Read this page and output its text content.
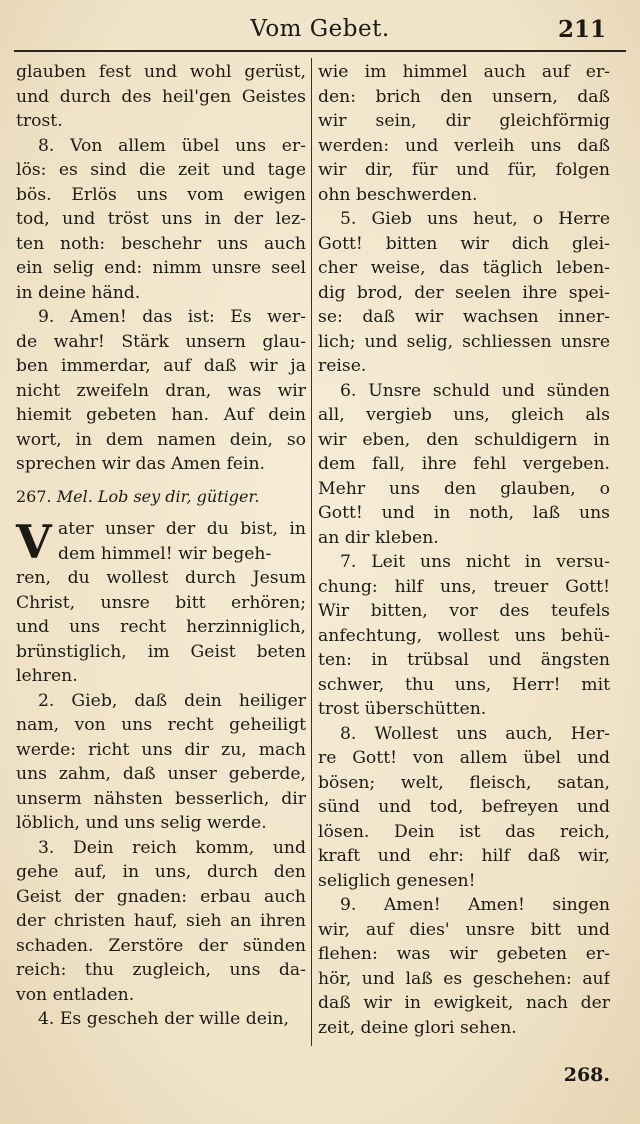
Vom Gebet.	211
glauben fest und wohl gerüst,
und durch des heil'gen Geistes
trost.
8. Von allem übel uns er-
lös: es sind die zeit und tage
bös. Erlös uns vom ewigen
tod, und tröst uns in der lez-
ten noth: beschehr uns auch
ein selig end: nimm unsre seel
in deine händ.
9. Amen! das ist: Es wer-
de wahr! Stärk unsern glau-
ben immerdar, auf daß wir ja
nicht zweifeln dran, was wir
hiemit gebeten han. Auf dein
wort, in dem namen dein, so
sprechen wir das Amen fein.
267. Mel. Lob sey dir, gütiger.
V ater unser der du bist, in
dem himmel! wir begeh-
ren, du wollest durch Jesum
Christ, unsre bitt erhören;
und uns recht herzinniglich,
brünstiglich, im Geist beten
lehren.
2. Gieb, daß dein heiliger
nam, von uns recht geheiligt
werde: richt uns dir zu, mach
uns zahm, daß unser geberde,
unserm nähsten besserlich, dir
löblich, und uns selig werde.
3. Dein reich komm, und
gehe auf, in uns, durch den
Geist der gnaden: erbau auch
der christen hauf, sieh an ihren
schaden. Zerstöre der sünden
reich: thu zugleich, uns da-
von entladen.
4. Es gescheh der wille dein,
wie im himmel auch auf er-
den: brich den unsern, daß
wir sein, dir gleichförmig
werden: und verleih uns daß
wir dir, für und für, folgen
ohn beschwerden.
5. Gieb uns heut, o Herre
Gott! bitten wir dich glei-
cher weise, das täglich leben-
dig brod, der seelen ihre spei-
se: daß wir wachsen inner-
lich; und selig, schliessen unsre
reise.
6. Unsre schuld und sünden
all, vergieb uns, gleich als
wir eben, den schuldigern in
dem fall, ihre fehl vergeben.
Mehr uns den glauben, o
Gott! und in noth, laß uns
an dir kleben.
7. Leit uns nicht in versu-
chung: hilf uns, treuer Gott!
Wir bitten, vor des teufels
anfechtung, wollest uns behü-
ten: in trübsal und ängsten
schwer, thu uns, Herr! mit
trost überschütten.
8. Wollest uns auch, Her-
re Gott! von allem übel und
bösen; welt, fleisch, satan,
sünd und tod, befreyen und
lösen. Dein ist das reich,
kraft und ehr: hilf daß wir,
seliglich genesen!
9. Amen! Amen! singen
wir, auf dies' unsre bitt und
flehen: was wir gebeten er-
hör, und laß es geschehen: auf
daß wir in ewigkeit, nach der
zeit, deine glori sehen.
268.
